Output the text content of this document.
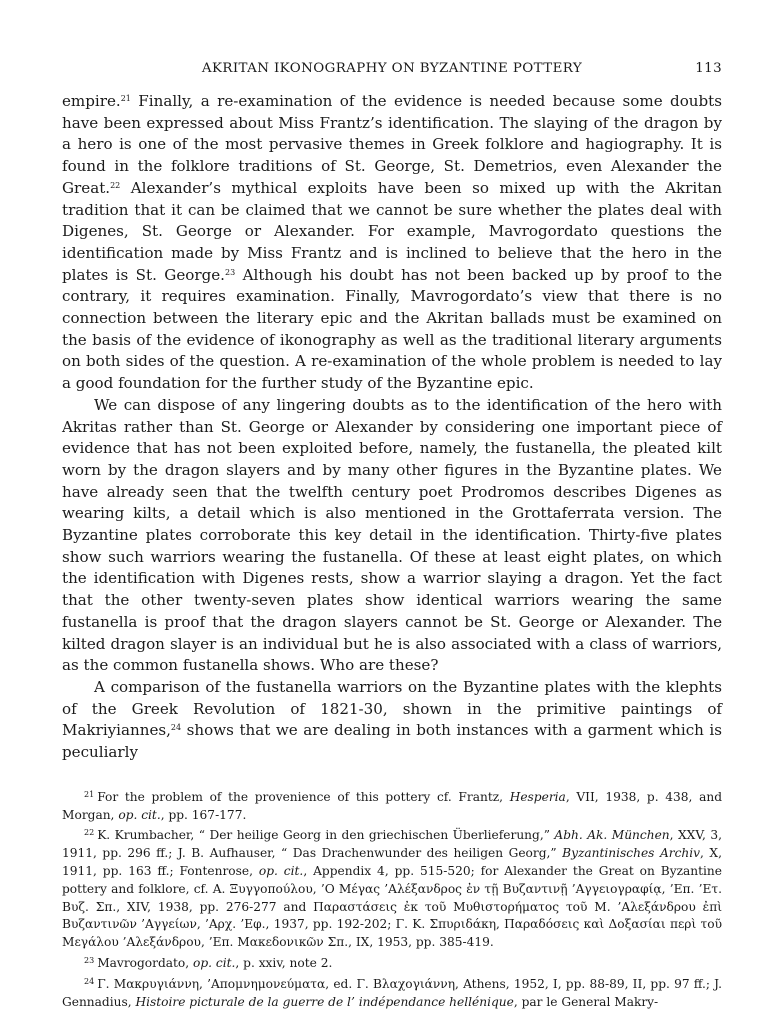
AKRITAN IKONOGRAPHY ON BYZANTINE POTTERY	113

empire.$^{21}$ Finally, a re-examination of the evidence is needed because some doubts have been expressed about Miss Frantz’s identification. The slaying of the dragon by a hero is one of the most pervasive themes in Greek folklore and hagiography. It is found in the folklore traditions of St. George, St. Demetrios, even Alexander the Great.$^{22}$ Alexander’s mythical exploits have been so mixed up with the Akritan tradition that it can be claimed that we cannot be sure whether the plates deal with Digenes, St. George or Alexander. For example, Mavrogordato questions the identification made by Miss Frantz and is inclined to believe that the hero in the plates is St. George.$^{23}$ Although his doubt has not been backed up by proof to the contrary, it requires examination. Finally, Mavrogordato’s view that there is no connection between the literary epic and the Akritan ballads must be examined on the basis of the evidence of ikonography as well as the traditional literary arguments on both sides of the question. A re-examination of the whole problem is needed to lay a good foundation for the further study of the Byzantine epic.

We can dispose of any lingering doubts as to the identification of the hero with Akritas rather than St. George or Alexander by considering one important piece of evidence that has not been exploited before, namely, the fustanella, the pleated kilt worn by the dragon slayers and by many other figures in the Byzantine plates. We have already seen that the twelfth century poet Prodromos describes Digenes as wearing kilts, a detail which is also mentioned in the Grottaferrata version. The Byzantine plates corroborate this key detail in the identification. Thirty-five plates show such warriors wearing the fustanella. Of these at least eight plates, on which the identification with Digenes rests, show a warrior slaying a dragon. Yet the fact that the other twenty-seven plates show identical warriors wearing the same fustanella is proof that the dragon slayers cannot be St. George or Alexander. The kilted dragon slayer is an individual but he is also associated with a class of warriors, as the common fustanella shows. Who are these?

A comparison of the fustanella warriors on the Byzantine plates with the klephts of the Greek Revolution of 1821-30, shown in the primitive paintings of Makriyiannes,$^{24}$ shows that we are dealing in both instances with a garment which is peculiarly

$^{21}$ For the problem of the provenience of this pottery cf. Frantz, Hesperia, VII, 1938, p. 438, and Morgan, op. cit., pp. 167-177.

$^{22}$ K. Krumbacher, “ Der heilige Georg in den griechischen Überlieferung,” Abh. Ak. München, XXV, 3, 1911, pp. 296 ff.; J. B. Aufhauser, “ Das Drachenwunder des heiligen Georg,” Byzantinisches Archiv, X, 1911, pp. 163 ff.; Fontenrose, op. cit., Appendix 4, pp. 515-520; for Alexander the Great on Byzantine pottery and folklore, cf. A. Ξυγγοπούλου, ’Ο Μέγας ’Αλέξανδρος ἐν τῇ Βυζαντινῇ ’Αγγειογραφίᾳ, ’Επ. ’Ετ. Βυζ. Σπ., XIV, 1938, pp. 276-277 and Παραστάσεις ἐκ τοῦ Μυθιστορήματος τοῦ Μ. ’Αλεξάνδρου ἐπὶ Βυζαντινῶν ’Αγγείων, ’Αρχ. ’Εφ., 1937, pp. 192-202; Γ. Κ. Σπυριδάκη, Παραδόσεις καὶ Δοξασίαι περὶ τοῦ Μεγάλου ’Αλεξάνδρου, ’Επ. Μακεδονικῶν Σπ., IX, 1953, pp. 385-419.

$^{23}$ Mavrogordato, op. cit., p. xxiv, note 2.

$^{24}$ Γ. Μακρυγιάννη, ’Απομνημονεύματα, ed. Γ. Βλαχογιάννη, Athens, 1952, I, pp. 88-89, II, pp. 97 ff.; J. Gennadius, Histoire picturale de la guerre de l’ indépendance hellénique, par le General Makry-
